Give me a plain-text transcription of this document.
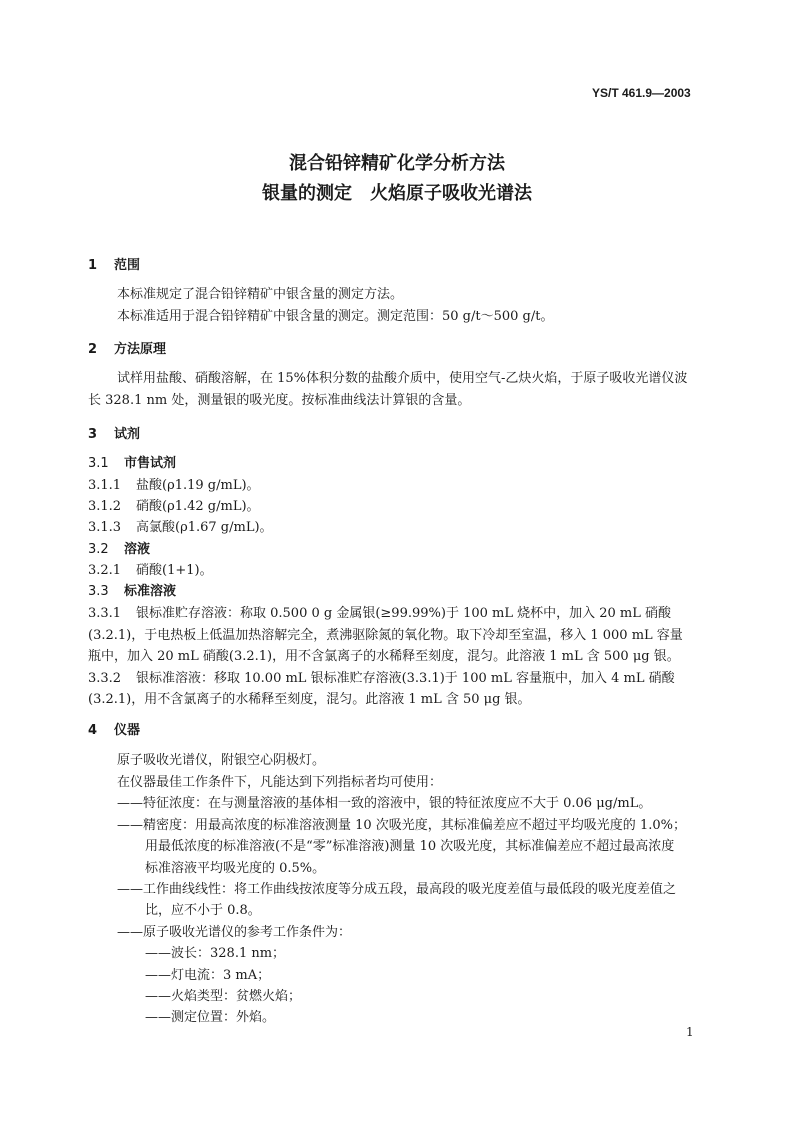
YS/T 461.9—2003
混合铅锌精矿化学分析方法
银量的测定　火焰原子吸收光谱法
1 范围
本标准规定了混合铅锌精矿中银含量的测定方法。
本标准适用于混合铅锌精矿中银含量的测定。测定范围：50 g/t～500 g/t。
2 方法原理
试样用盐酸、硝酸溶解，在 15%体积分数的盐酸介质中，使用空气-乙炔火焰，于原子吸收光谱仪波
长 328.1 nm 处，测量银的吸光度。按标准曲线法计算银的含量。
3 试剂
3.1 市售试剂
3.1.1 盐酸(ρ1.19 g/mL)。
3.1.2 硝酸(ρ1.42 g/mL)。
3.1.3 高氯酸(ρ1.67 g/mL)。
3.2 溶液
3.2.1 硝酸(1+1)。
3.3 标准溶液
3.3.1 银标准贮存溶液：称取 0.500 0 g 金属银(≥99.99%)于 100 mL 烧杯中，加入 20 mL 硝酸
(3.2.1)，于电热板上低温加热溶解完全，煮沸驱除氮的氧化物。取下冷却至室温，移入 1 000 mL 容量
瓶中，加入 20 mL 硝酸(3.2.1)，用不含氯离子的水稀释至刻度，混匀。此溶液 1 mL 含 500 μg 银。
3.3.2 银标准溶液：移取 10.00 mL 银标准贮存溶液(3.3.1)于 100 mL 容量瓶中，加入 4 mL 硝酸
(3.2.1)，用不含氯离子的水稀释至刻度，混匀。此溶液 1 mL 含 50 μg 银。
4 仪器
原子吸收光谱仪，附银空心阴极灯。
在仪器最佳工作条件下，凡能达到下列指标者均可使用：
——特征浓度：在与测量溶液的基体相一致的溶液中，银的特征浓度应不大于 0.06 μg/mL。
——精密度：用最高浓度的标准溶液测量 10 次吸光度，其标准偏差应不超过平均吸光度的 1.0%；
用最低浓度的标准溶液(不是“零”标准溶液)测量 10 次吸光度，其标准偏差应不超过最高浓度
标准溶液平均吸光度的 0.5%。
——工作曲线线性：将工作曲线按浓度等分成五段，最高段的吸光度差值与最低段的吸光度差值之
比，应不小于 0.8。
——原子吸收光谱仪的参考工作条件为：
——波长：328.1 nm；
——灯电流：3 mA；
——火焰类型：贫燃火焰；
——测定位置：外焰。
1
